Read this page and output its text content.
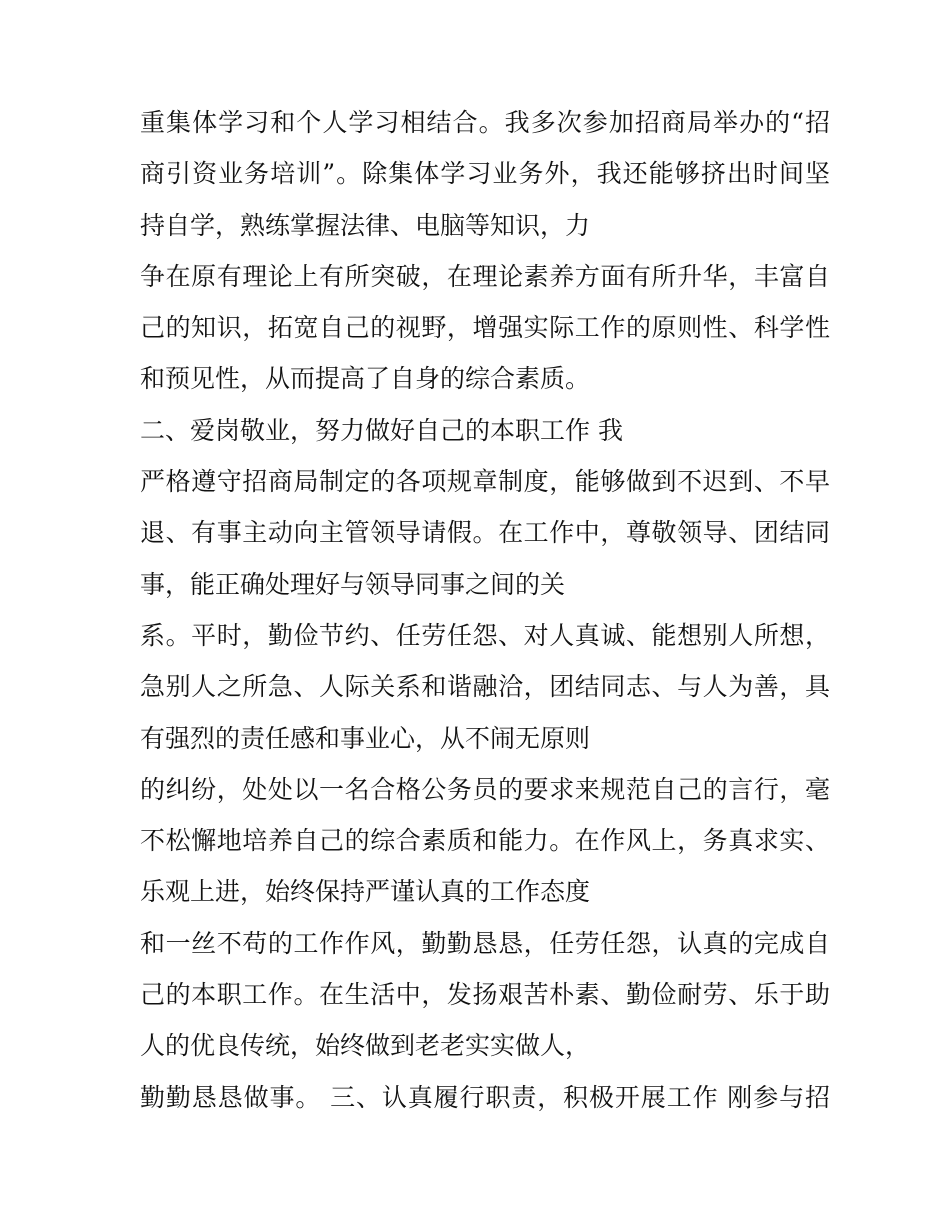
重集体学习和个人学习相结合。我多次参加招商局举办的“招
商引资业务培训”。除集体学习业务外，我还能够挤出时间坚
持自学，熟练掌握法律、电脑等知识，力
争在原有理论上有所突破，在理论素养方面有所升华，丰富自
己的知识，拓宽自己的视野，增强实际工作的原则性、科学性
和预见性，从而提高了自身的综合素质。
二、爱岗敬业，努力做好自己的本职工作 我
严格遵守招商局制定的各项规章制度，能够做到不迟到、不早
退、有事主动向主管领导请假。在工作中，尊敬领导、团结同
事，能正确处理好与领导同事之间的关
系。平时，勤俭节约、任劳任怨、对人真诚、能想别人所想，
急别人之所急、人际关系和谐融洽，团结同志、与人为善，具
有强烈的责任感和事业心，从不闹无原则
的纠纷，处处以一名合格公务员的要求来规范自己的言行，毫
不松懈地培养自己的综合素质和能力。在作风上，务真求实、
乐观上进，始终保持严谨认真的工作态度
和一丝不苟的工作作风，勤勤恳恳，任劳任怨，认真的完成自
己的本职工作。在生活中，发扬艰苦朴素、勤俭耐劳、乐于助
人的优良传统，始终做到老老实实做人，
勤勤恳恳做事。 三、认真履行职责，积极开展工作 刚参与招
